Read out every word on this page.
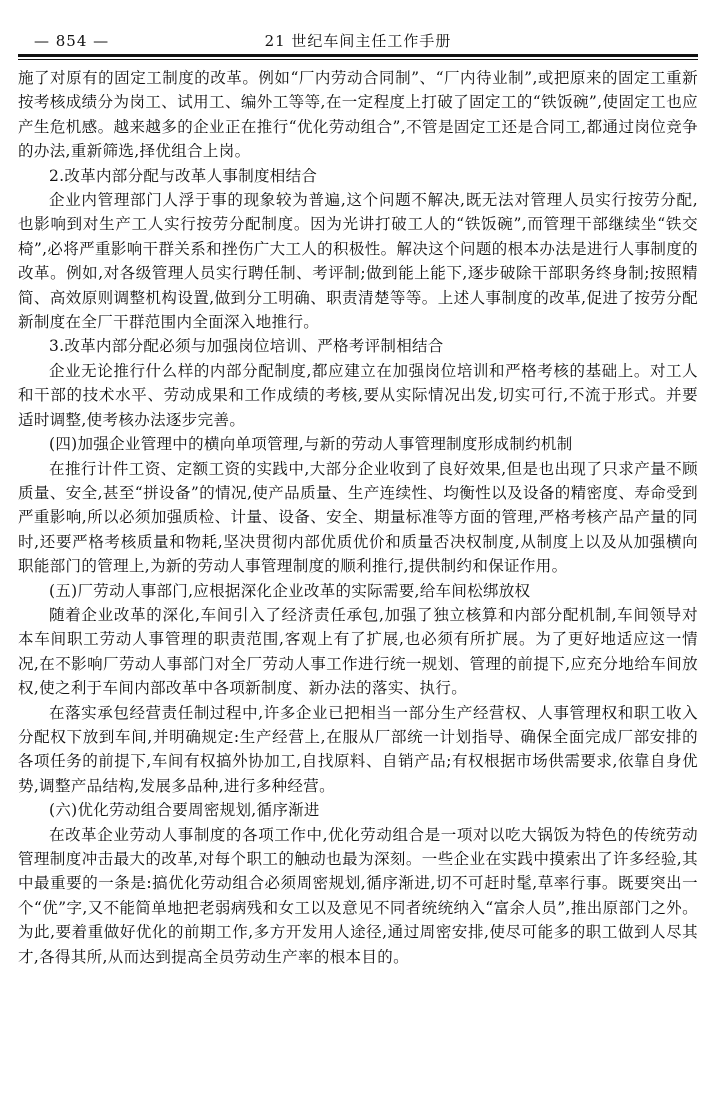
— 854 —	21 世纪车间主任工作手册

施了对原有的固定工制度的改革。例如“厂内劳动合同制”、“厂内待业制”,或把原来的固定工重新按考核成绩分为岗工、试用工、编外工等等,在一定程度上打破了固定工的“铁饭碗”,使固定工也应产生危机感。越来越多的企业正在推行“优化劳动组合”,不管是固定工还是合同工,都通过岗位竞争的办法,重新筛选,择优组合上岗。

2.改革内部分配与改革人事制度相结合

企业内管理部门人浮于事的现象较为普遍,这个问题不解决,既无法对管理人员实行按劳分配,也影响到对生产工人实行按劳分配制度。因为光讲打破工人的“铁饭碗”,而管理干部继续坐“铁交椅”,必将严重影响干群关系和挫伤广大工人的积极性。解决这个问题的根本办法是进行人事制度的改革。例如,对各级管理人员实行聘任制、考评制;做到能上能下,逐步破除干部职务终身制;按照精简、高效原则调整机构设置,做到分工明确、职责清楚等等。上述人事制度的改革,促进了按劳分配新制度在全厂干群范围内全面深入地推行。

3.改革内部分配必须与加强岗位培训、严格考评制相结合

企业无论推行什么样的内部分配制度,都应建立在加强岗位培训和严格考核的基础上。对工人和干部的技术水平、劳动成果和工作成绩的考核,要从实际情况出发,切实可行,不流于形式。并要适时调整,使考核办法逐步完善。

(四)加强企业管理中的横向单项管理,与新的劳动人事管理制度形成制约机制

在推行计件工资、定额工资的实践中,大部分企业收到了良好效果,但是也出现了只求产量不顾质量、安全,甚至“拼设备”的情况,使产品质量、生产连续性、均衡性以及设备的精密度、寿命受到严重影响,所以必须加强质检、计量、设备、安全、期量标准等方面的管理,严格考核产品产量的同时,还要严格考核质量和物耗,坚决贯彻内部优质优价和质量否决权制度,从制度上以及从加强横向职能部门的管理上,为新的劳动人事管理制度的顺利推行,提供制约和保证作用。

(五)厂劳动人事部门,应根据深化企业改革的实际需要,给车间松绑放权

随着企业改革的深化,车间引入了经济责任承包,加强了独立核算和内部分配机制,车间领导对本车间职工劳动人事管理的职责范围,客观上有了扩展,也必须有所扩展。为了更好地适应这一情况,在不影响厂劳动人事部门对全厂劳动人事工作进行统一规划、管理的前提下,应充分地给车间放权,使之利于车间内部改革中各项新制度、新办法的落实、执行。

在落实承包经营责任制过程中,许多企业已把相当一部分生产经营权、人事管理权和职工收入分配权下放到车间,并明确规定:生产经营上,在服从厂部统一计划指导、确保全面完成厂部安排的各项任务的前提下,车间有权搞外协加工,自找原料、自销产品;有权根据市场供需要求,依靠自身优势,调整产品结构,发展多品种,进行多种经营。

(六)优化劳动组合要周密规划,循序渐进

在改革企业劳动人事制度的各项工作中,优化劳动组合是一项对以吃大锅饭为特色的传统劳动管理制度冲击最大的改革,对每个职工的触动也最为深刻。一些企业在实践中摸索出了许多经验,其中最重要的一条是:搞优化劳动组合必须周密规划,循序渐进,切不可赶时髦,草率行事。既要突出一个“优”字,又不能简单地把老弱病残和女工以及意见不同者统统纳入“富余人员”,推出原部门之外。为此,要着重做好优化的前期工作,多方开发用人途径,通过周密安排,使尽可能多的职工做到人尽其才,各得其所,从而达到提高全员劳动生产率的根本目的。
